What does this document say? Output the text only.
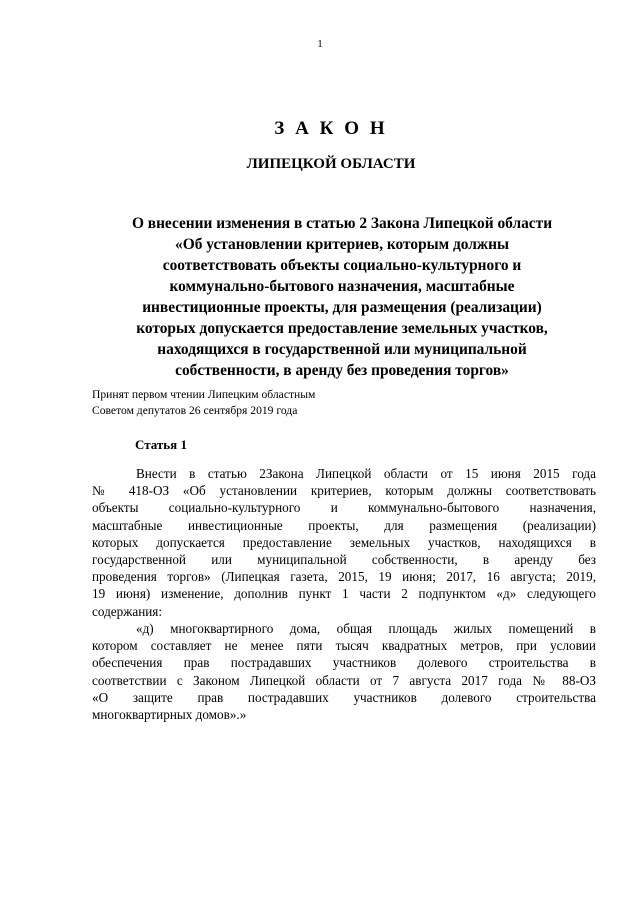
1
З А К О Н
ЛИПЕЦКОЙ ОБЛАСТИ

О внесении изменения в статью 2 Закона Липецкой области
«Об установлении критериев, которым должны
соответствовать объекты социально-культурного и
коммунально-бытового назначения, масштабные
инвестиционные проекты, для размещения (реализации)
которых допускается предоставление земельных участков,
находящихся в государственной или муниципальной
собственности, в аренду без проведения торгов»

Принят первом чтении Липецким областным
Советом депутатов 26 сентября 2019 года

Статья 1

Внести в статью 2Закона Липецкой области от 15 июня 2015 года
№ 418-ОЗ «Об установлении критериев, которым должны соответствовать
объекты социально-культурного и коммунально-бытового назначения,
масштабные инвестиционные проекты, для размещения (реализации)
которых допускается предоставление земельных участков, находящихся в
государственной или муниципальной собственности, в аренду без
проведения торгов» (Липецкая газета, 2015, 19 июня; 2017, 16 августа; 2019,
19 июня) изменение, дополнив пункт 1 части 2 подпунктом «д» следующего
содержания:

«д) многоквартирного дома, общая площадь жилых помещений в
котором составляет не менее пяти тысяч квадратных метров, при условии
обеспечения прав пострадавших участников долевого строительства в
соответствии с Законом Липецкой области от 7 августа 2017 года № 88-ОЗ
«О защите прав пострадавших участников долевого строительства
многоквартирных домов».»
